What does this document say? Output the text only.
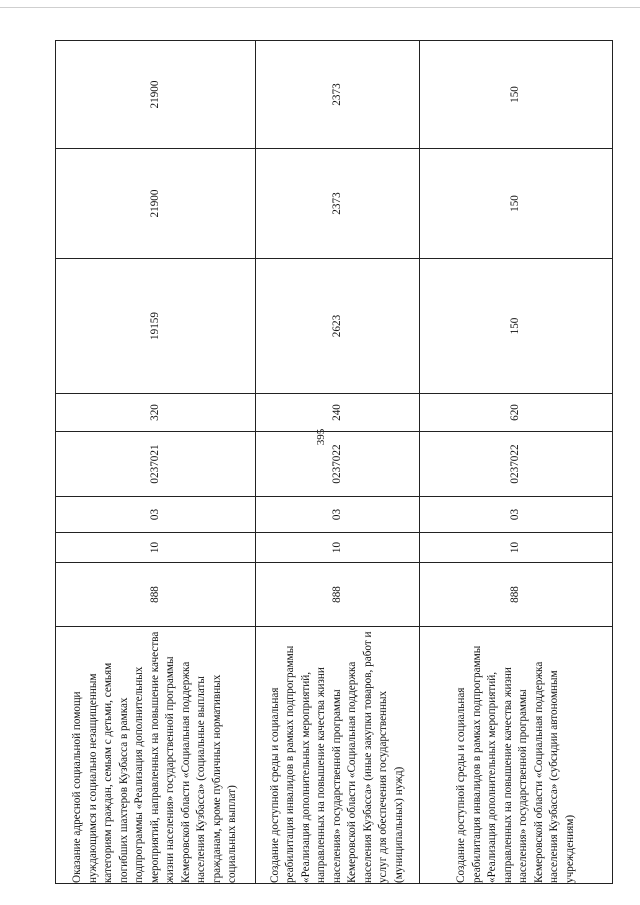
395
Оказание адресной социальной помощи нуждающимся и социально незащищенным категориям граждан, семьям с детьми, семьям погибших шахтеров Кузбасса в рамках подпрограммы «Реализация дополнительных мероприятий, направленных на повышение качества жизни населения» государственной программы Кемеровской области «Социальная поддержка населения Кузбасса» (социальные выплаты гражданам, кроме публичных нормативных социальных выплат)	888	10	03	0237021	320	19159	21900	21900
Создание доступной среды и социальная реабилитация инвалидов в рамках подпрограммы «Реализация дополнительных мероприятий, направленных на повышение качества жизни населения» государственной программы Кемеровской области «Социальная поддержка населения Кузбасса» (иные закупки товаров, работ и услуг для обеспечения государственных (муниципальных) нужд)	888	10	03	0237022	240	2623	2373	2373
Создание доступной среды и социальная реабилитация инвалидов в рамках подпрограммы «Реализация дополнительных мероприятий, направленных на повышение качества жизни населения» государственной программы Кемеровской области «Социальная поддержка населения Кузбасса» (субсидии автономным учреждениям)	888	10	03	0237022	620	150	150	150
